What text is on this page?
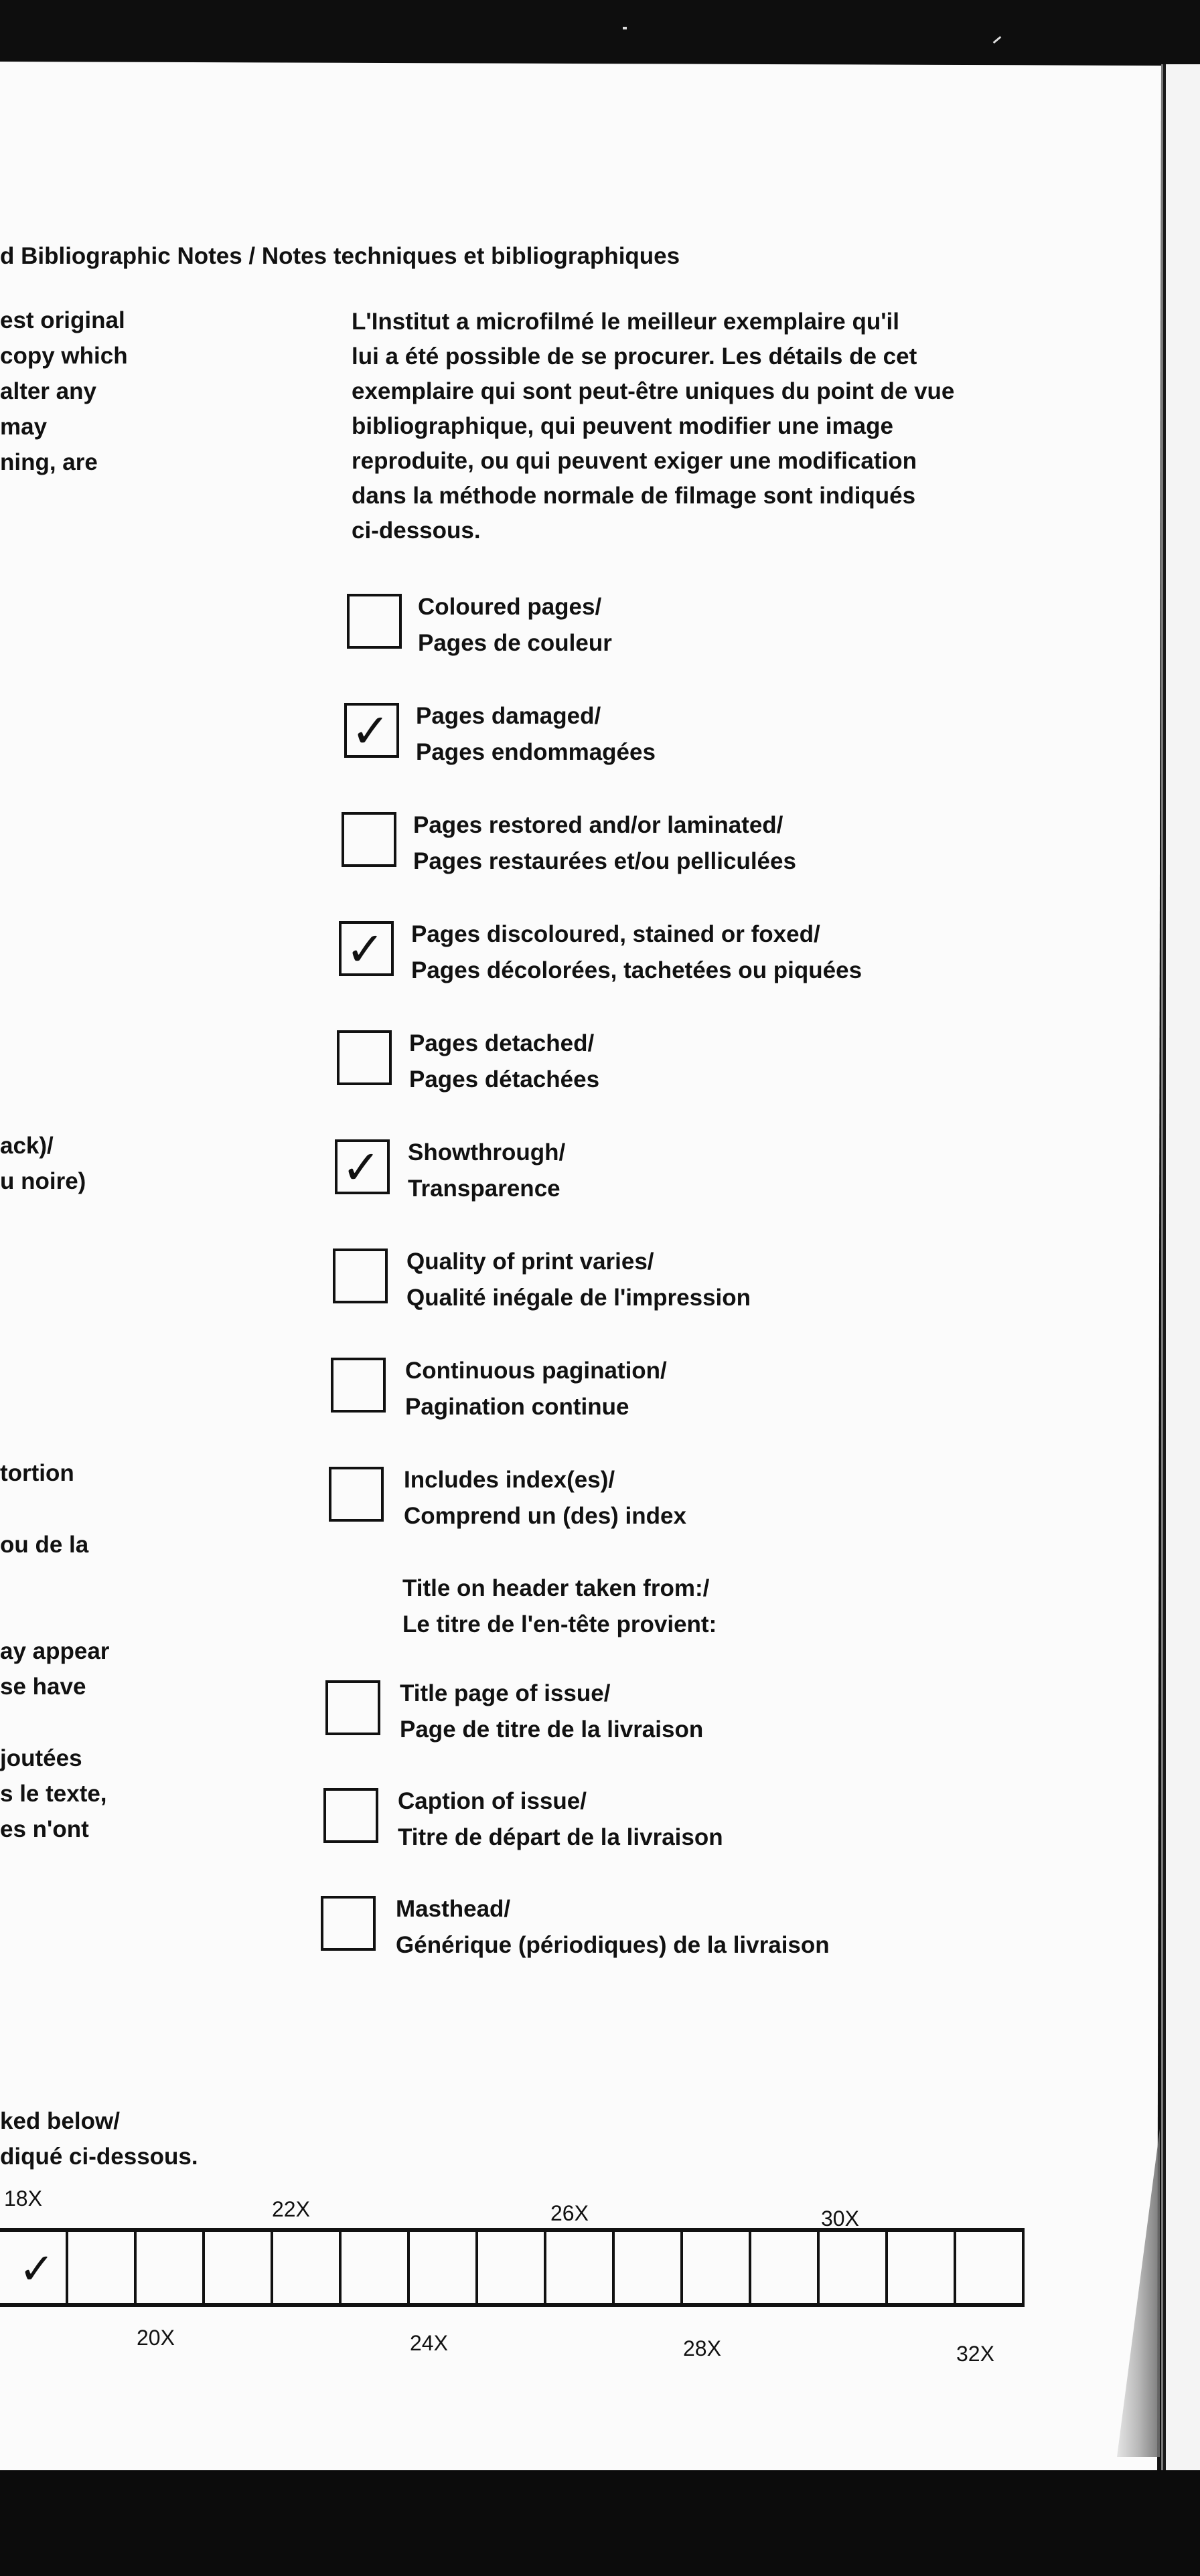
d Bibliographic Notes / Notes techniques et bibliographiques

est original

copy which

alter any

may

ning, are

ack)/

u noire)

tortion

ou de la

ay appear

se have

joutées

s le texte,

es n'ont

ked below/

diqué ci-dessous.

L'Institut a microfilmé le meilleur exemplaire qu'il
lui a été possible de se procurer. Les détails de cet
exemplaire qui sont peut-être uniques du point de vue
bibliographique, qui peuvent modifier une image
reproduite, ou qui peuvent exiger une modification
dans la méthode normale de filmage sont indiqués
ci-dessous.

Coloured pages/
Pages de couleur

✓ Pages damaged/
Pages endommagées

Pages restored and/or laminated/
Pages restaurées et/ou pelliculées

✓ Pages discoloured, stained or foxed/
Pages décolorées, tachetées ou piquées

Pages detached/
Pages détachées

✓ Showthrough/
Transparence

Quality of print varies/
Qualité inégale de l'impression

Continuous pagination/
Pagination continue

Includes index(es)/
Comprend un (des) index

Title on header taken from:/
Le titre de l'en-tête provient:

Title page of issue/
Page de titre de la livraison

Caption of issue/
Titre de départ de la livraison

Masthead/
Générique (périodiques) de la livraison

18X	22X	26X	30X
✓
20X	24X	28X	32X
